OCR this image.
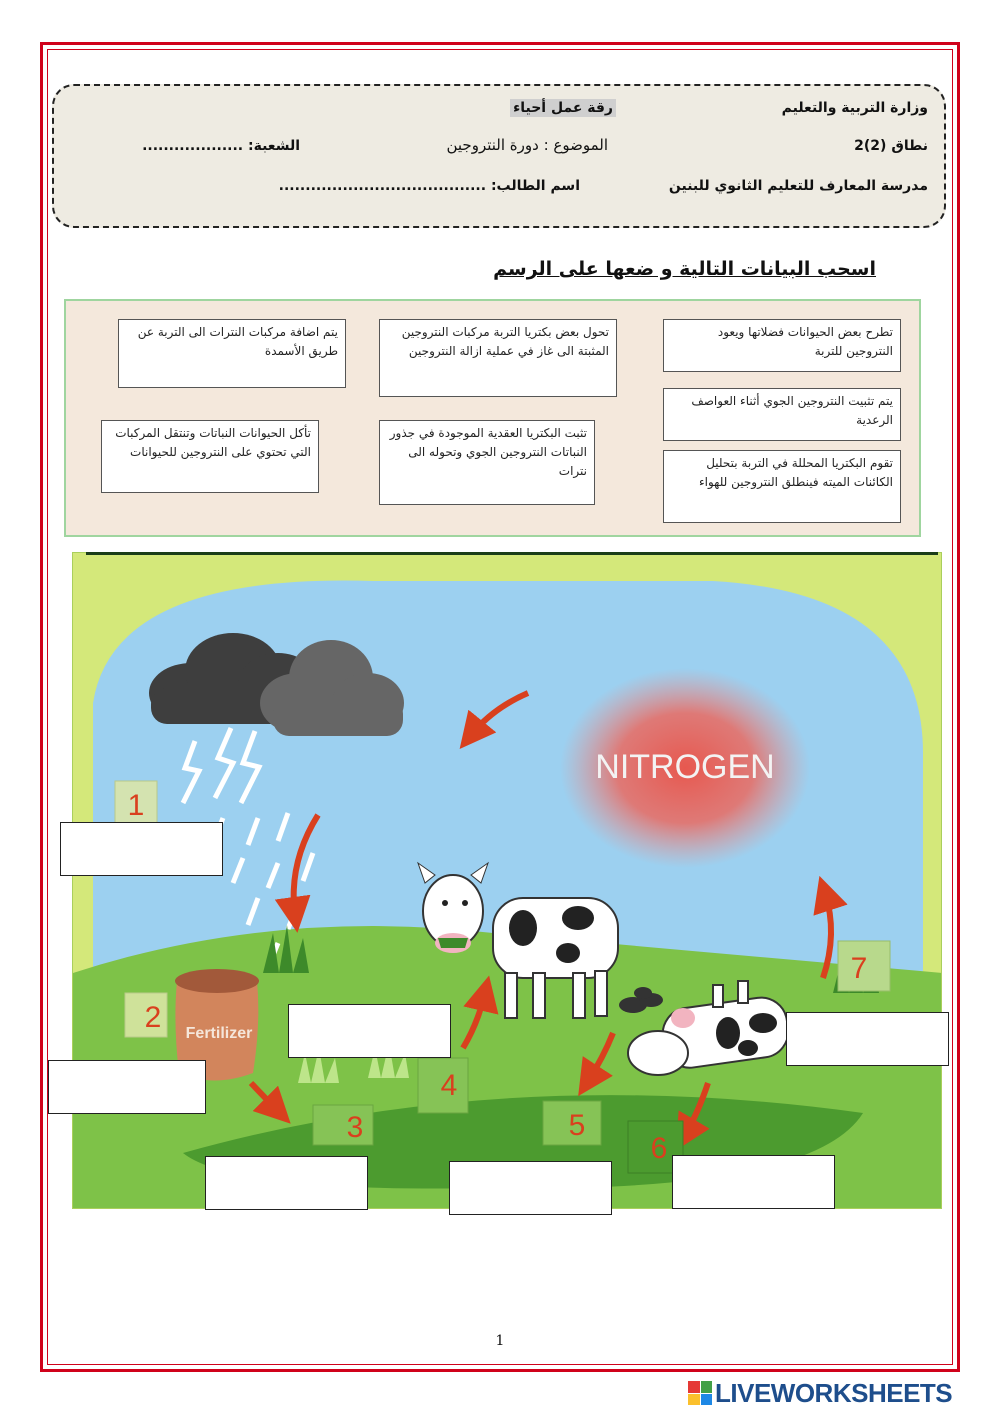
وزارة التربية والتعليم
رقة عمل أحياء
نطاق (2)2
الموضوع : دورة النتروجين
الشعبة: ...................
مدرسة المعارف للتعليم الثانوي للبنين
اسم الطالب: .......................................
اسحب البيانات التالية و ضعها على الرسم
يتم اضافة مركبات النترات الى التربة عن طريق الأسمدة
تحول بعض بكتريا التربة مركبات النتروجين المثبتة الى غاز في عملية ازالة النتروجين
تطرح بعض الحيوانات فضلاتها ويعود النتروجين للتربة
يتم تثبيت النتروجين الجوي أثناء العواصف الرعدية
تأكل الحيوانات النباتات وتنتقل المركبات التي تحتوي على النتروجين للحيوانات
تثبت البكتريا العقدية الموجودة في جذور النباتات النتروجين الجوي وتحوله الى نترات
تقوم البكتريا المحللة في التربة بتحليل الكائنات الميته فينطلق النتروجين للهواء
NITROGEN
Fertilizer
1
2
3
4
5
6
7
1
LIVEWORKSHEETS
